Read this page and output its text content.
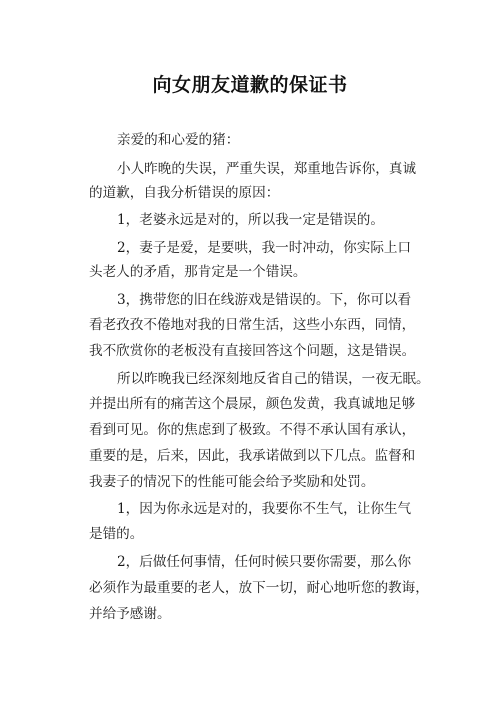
向女朋友道歉的保证书
亲爱的和心爱的猪：
小人昨晚的失误，严重失误，郑重地告诉你，真诚
的道歉，自我分析错误的原因：
1，老婆永远是对的，所以我一定是错误的。
2，妻子是爱，是要哄，我一时冲动，你实际上口
头老人的矛盾，那肯定是一个错误。
3，携带您的旧在线游戏是错误的。下，你可以看
看老孜孜不倦地对我的日常生活，这些小东西，同情，
我不欣赏你的老板没有直接回答这个问题，这是错误。
所以昨晚我已经深刻地反省自己的错误，一夜无眠。
并提出所有的痛苦这个晨尿，颜色发黄，我真诚地足够
看到可见。你的焦虑到了极致。不得不承认国有承认，
重要的是，后来，因此，我承诺做到以下几点。监督和
我妻子的情况下的性能可能会给予奖励和处罚。
1，因为你永远是对的，我要你不生气，让你生气
是错的。
2，后做任何事情，任何时候只要你需要，那么你
必须作为最重要的老人，放下一切，耐心地听您的教诲，
并给予感谢。
